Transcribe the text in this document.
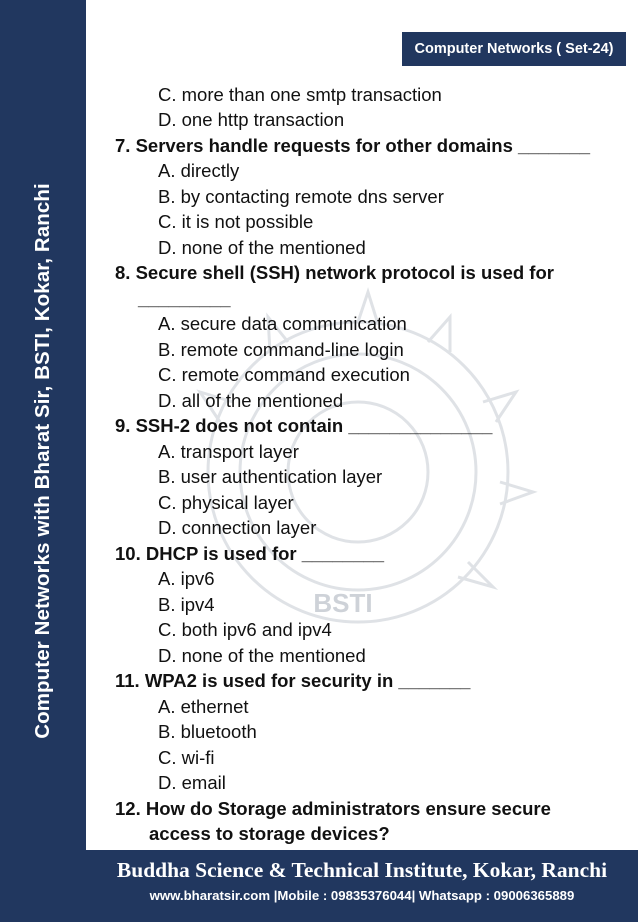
Computer Networks with Bharat Sir, BSTI, Kokar, Ranchi
Computer Networks ( Set-24)
BSTI
C. more than one smtp transaction
D. one http transaction
7. Servers handle requests for other domains _______
A. directly
B. by contacting remote dns server
C. it is not possible
D. none of the mentioned
8. Secure shell (SSH) network protocol is used for
_________
A. secure data communication
B. remote command-line login
C. remote command execution
D. all of the mentioned
9. SSH-2 does not contain ______________
A. transport layer
B. user authentication layer
C. physical layer
D. connection layer
10. DHCP is used for ________
A. ipv6
B. ipv4
C. both ipv6 and ipv4
D. none of the mentioned
11. WPA2 is used for security in _______
A. ethernet
B. bluetooth
C. wi-fi
D. email
12. How do Storage administrators ensure secure
access to storage devices?
Buddha Science & Technical Institute, Kokar, Ranchi
www.bharatsir.com |Mobile : 09835376044| Whatsapp : 09006365889
